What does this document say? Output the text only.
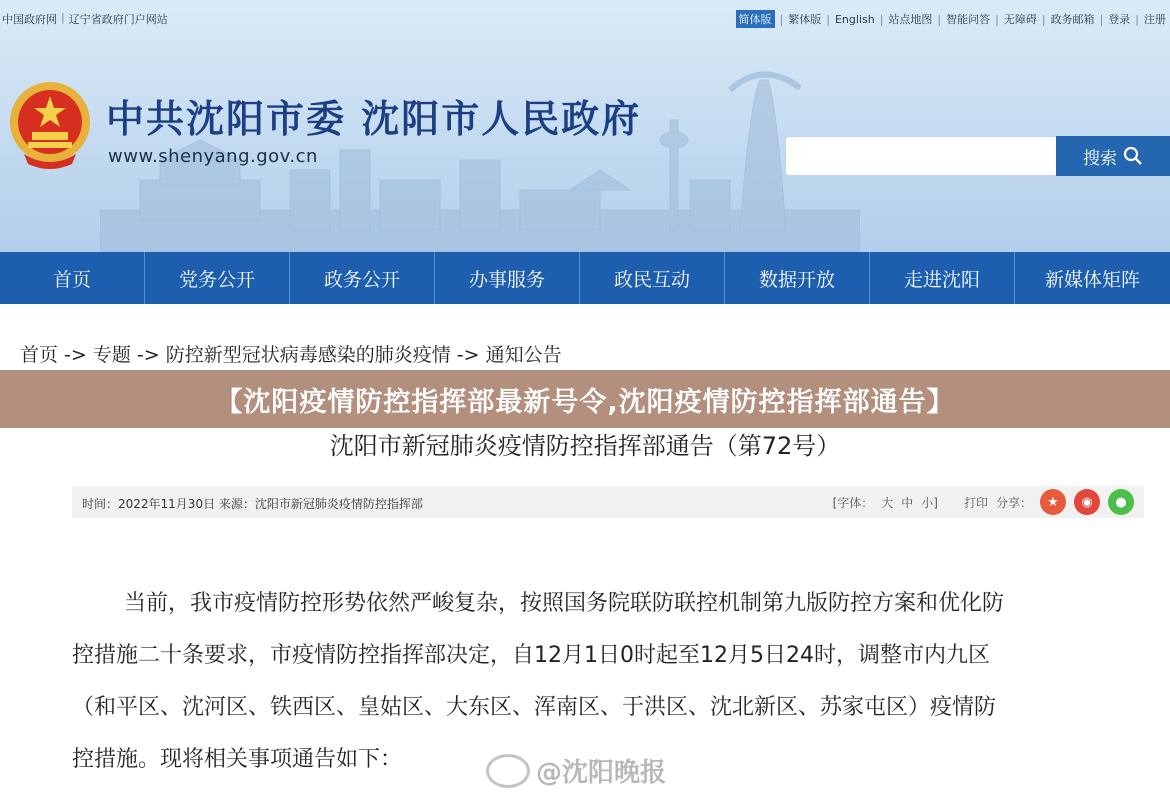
中国政府网 | 辽宁省政府门户网站	简体版 | 繁体版 | English | 站点地图 | 智能问答 | 无障碍 | 政务邮箱 | 登录 | 注册
中共沈阳市委 沈阳市人民政府
www.shenyang.gov.cn	搜索
首页	党务公开	政务公开	办事服务	政民互动	数据开放	走进沈阳	新媒体矩阵
首页 -> 专题 -> 防控新型冠状病毒感染的肺炎疫情 -> 通知公告
【沈阳疫情防控指挥部最新号令,沈阳疫情防控指挥部通告】
沈阳市新冠肺炎疫情防控指挥部通告（第72号）
时间：2022年11月30日 来源：沈阳市新冠肺炎疫情防控指挥部	[字体： 大 中 小] 打印 分享：	★	◉	●

当前，我市疫情防控形势依然严峻复杂，按照国务院联防联控机制第九版防控方案和优化防

控措施二十条要求，市疫情防控指挥部决定，自12月1日0时起至12月5日24时，调整市内九区

（和平区、沈河区、铁西区、皇姑区、大东区、浑南区、于洪区、沈北新区、苏家屯区）疫情防

控措施。现将相关事项通告如下：	@沈阳晚报
